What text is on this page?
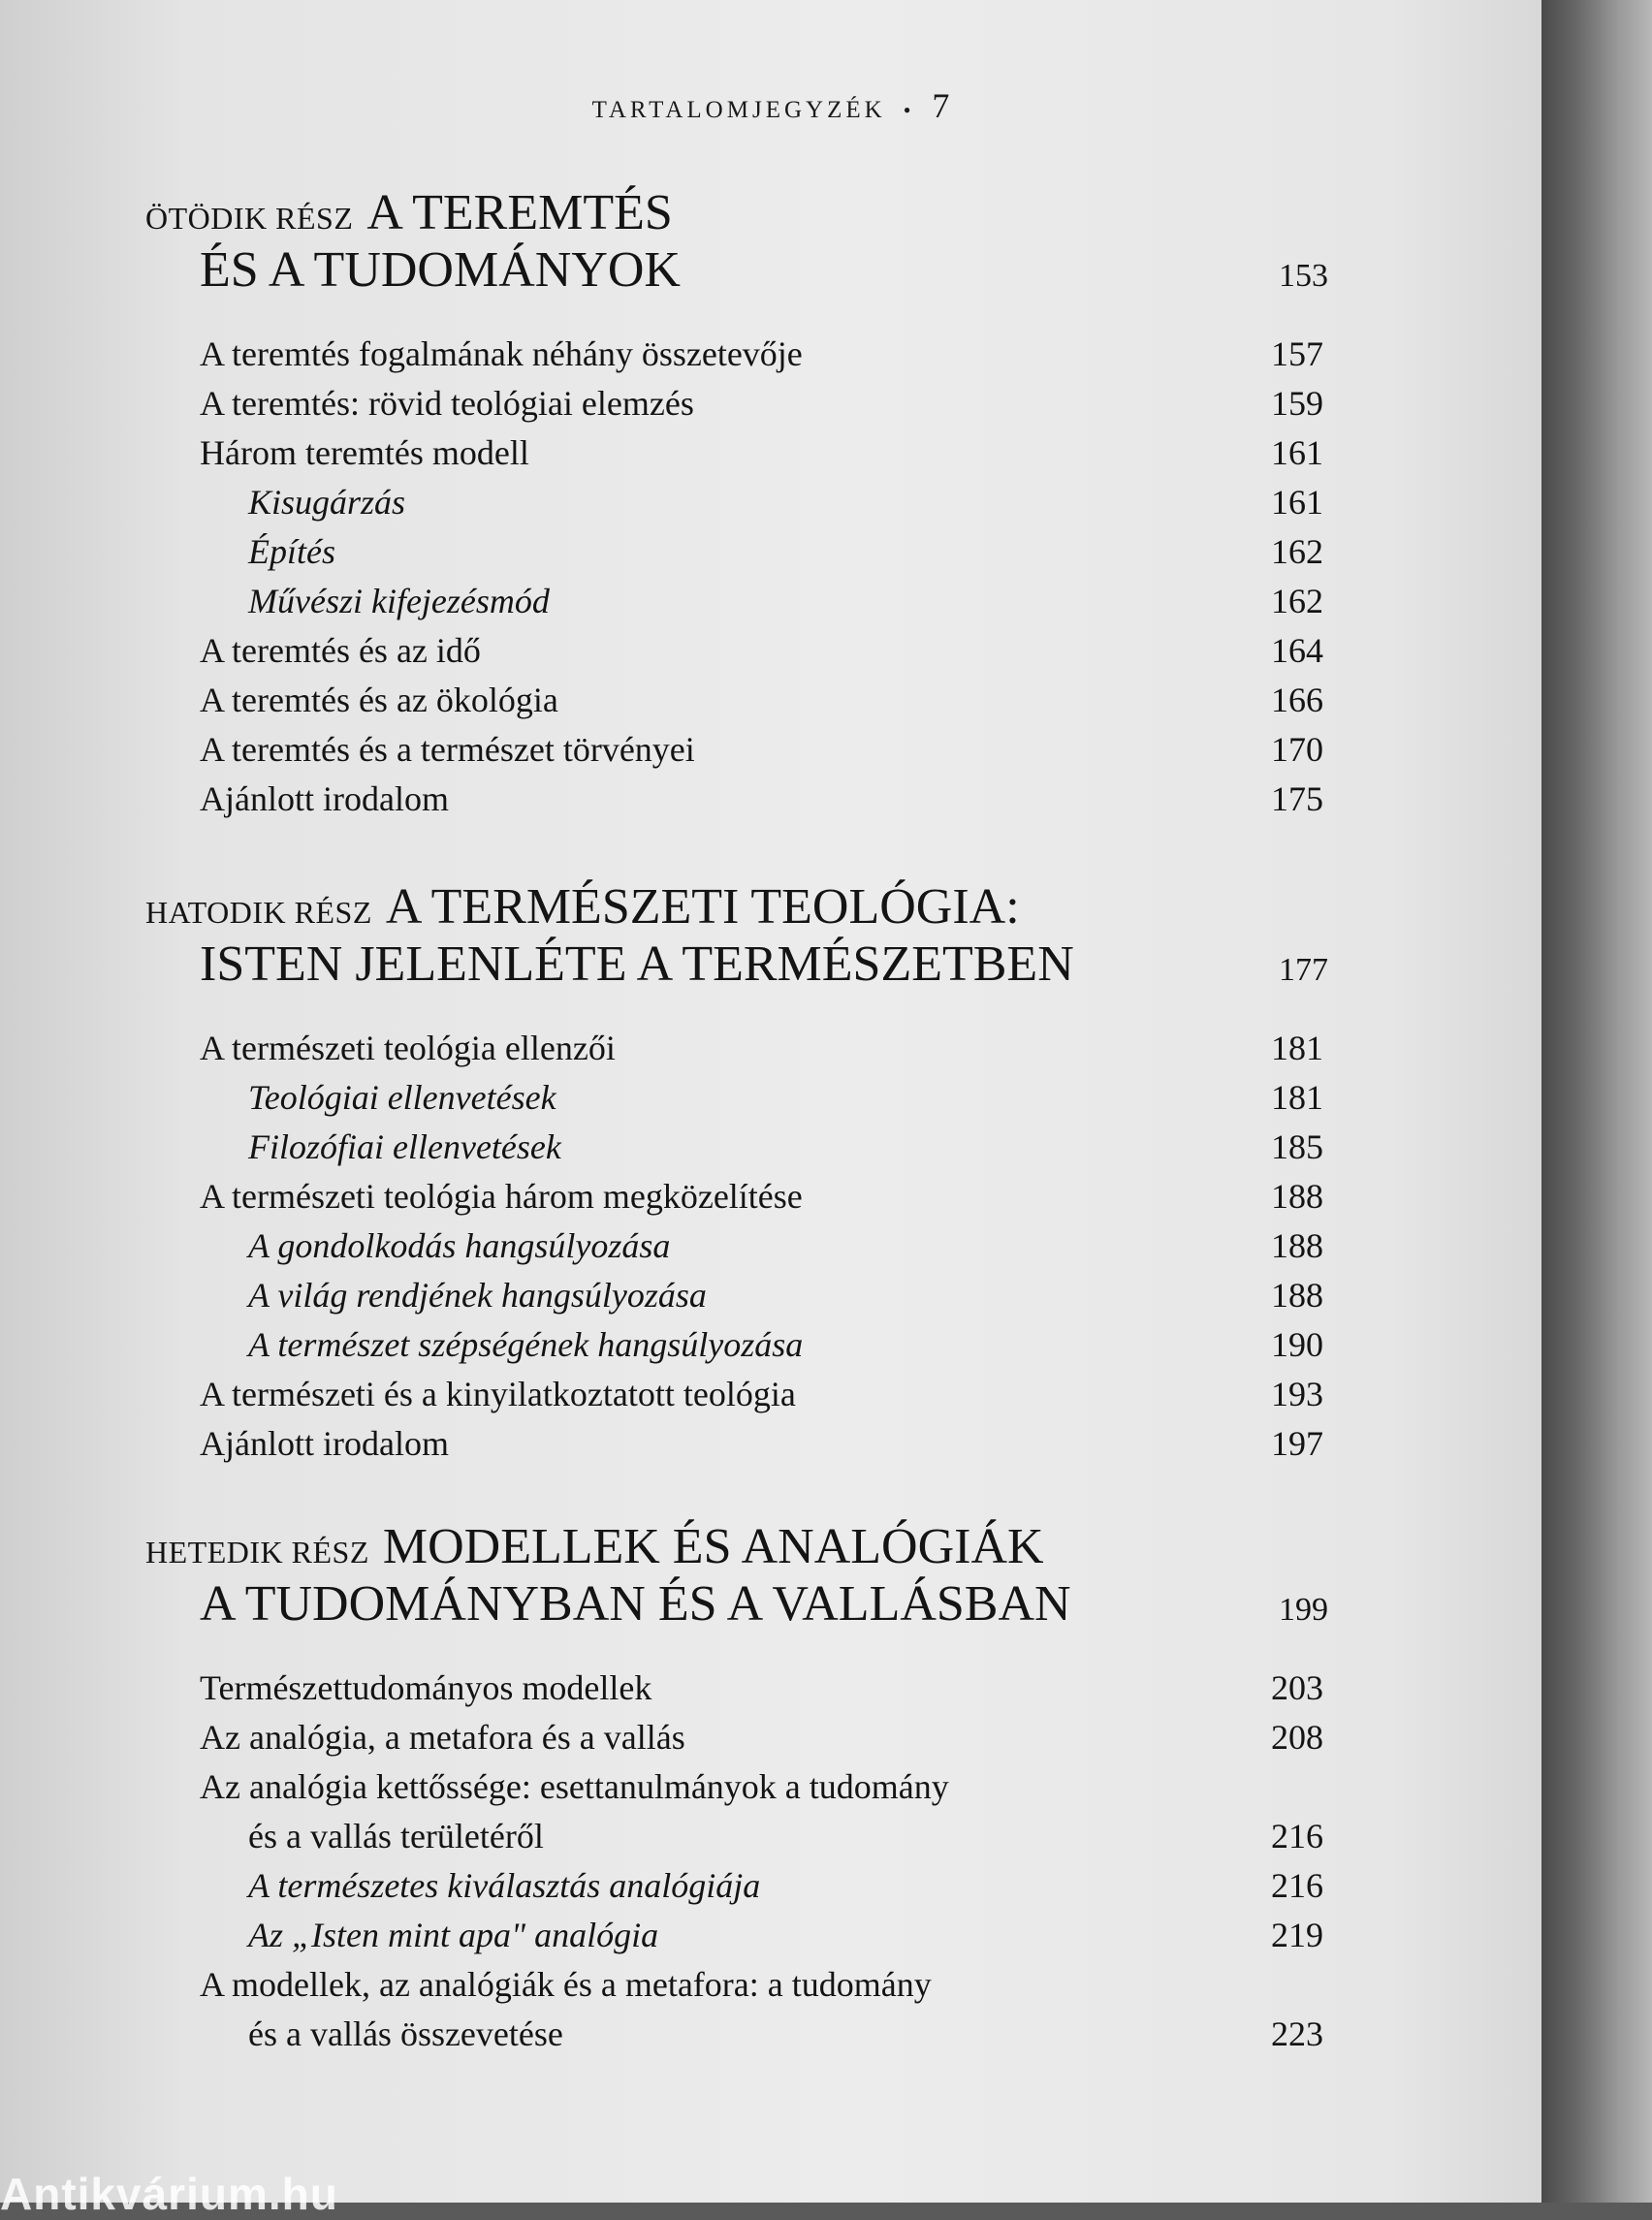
TARTALOMJEGYZÉK • 7
ÖTÖDIK RÉSZ A TEREMTÉS
ÉS A TUDOMÁNYOK	153
A teremtés fogalmának néhány összetevője	157
A teremtés: rövid teológiai elemzés	159
Három teremtés modell	161
Kisugárzás	161
Építés	162
Művészi kifejezésmód	162
A teremtés és az idő	164
A teremtés és az ökológia	166
A teremtés és a természet törvényei	170
Ajánlott irodalom	175
HATODIK RÉSZ A TERMÉSZETI TEOLÓGIA:
ISTEN JELENLÉTE A TERMÉSZETBEN	177
A természeti teológia ellenzői	181
Teológiai ellenvetések	181
Filozófiai ellenvetések	185
A természeti teológia három megközelítése	188
A gondolkodás hangsúlyozása	188
A világ rendjének hangsúlyozása	188
A természet szépségének hangsúlyozása	190
A természeti és a kinyilatkoztatott teológia	193
Ajánlott irodalom	197
HETEDIK RÉSZ MODELLEK ÉS ANALÓGIÁK
A TUDOMÁNYBAN ÉS A VALLÁSBAN	199
Természettudományos modellek	203
Az analógia, a metafora és a vallás	208
Az analógia kettőssége: esettanulmányok a tudomány
és a vallás területéről	216
A természetes kiválasztás analógiája	216
Az „Isten mint apa" analógia	219
A modellek, az analógiák és a metafora: a tudomány
és a vallás összevetése	223
Antikvárium.hu
